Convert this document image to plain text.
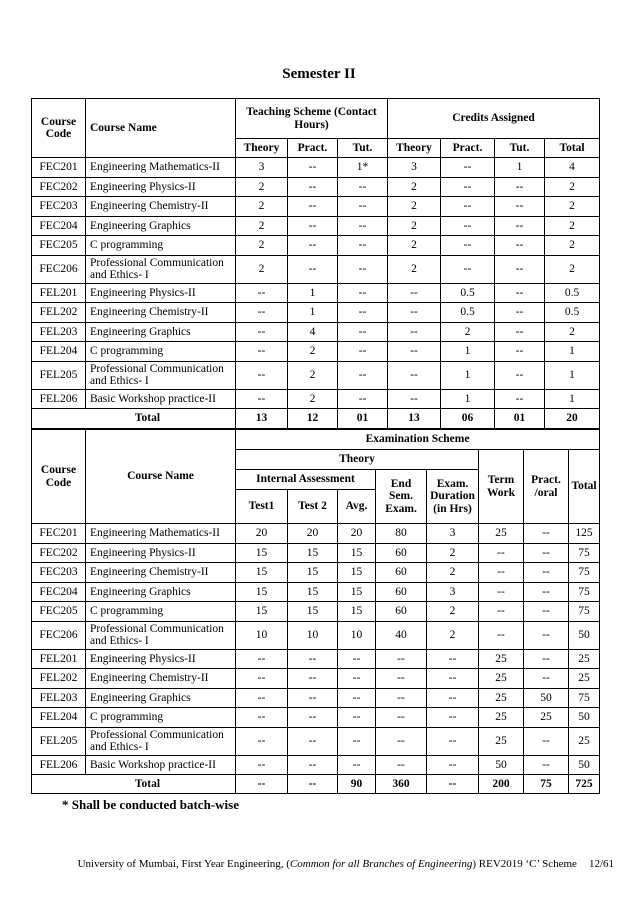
Semester II
Course Code	Course Name	Teaching Scheme (Contact Hours)			Credits Assigned			
		Theory	Pract.	Tut.	Theory	Pract.	Tut.	Total
FEC201	Engineering Mathematics-II	3	--	1*	3	--	1	4
FEC202	Engineering Physics-II	2	--	--	2	--	--	2
FEC203	Engineering Chemistry-II	2	--	--	2	--	--	2
FEC204	Engineering Graphics	2	--	--	2	--	--	2
FEC205	C programming	2	--	--	2	--	--	2
FEC206	Professional Communication and Ethics- I	2	--	--	2	--	--	2
FEL201	Engineering Physics-II	--	1	--	--	0.5	--	0.5
FEL202	Engineering Chemistry-II	--	1	--	--	0.5	--	0.5
FEL203	Engineering Graphics	--	4	--	--	2	--	2
FEL204	C programming	--	2	--	--	1	--	1
FEL205	Professional Communication and Ethics- I	--	2	--	--	1	--	1
FEL206	Basic Workshop practice-II	--	2	--	--	1	--	1
Total		13	12	01	13	06	01	20
Course Code	Course Name	Examination Scheme							
		Theory					Term Work	Pract. /oral	Total
		Internal Assessment			End Sem. Exam.	Exam. Duration (in Hrs)			
		Test1	Test 2	Avg.					
FEC201	Engineering Mathematics-II	20	20	20	80	3	25	--	125
FEC202	Engineering Physics-II	15	15	15	60	2	--	--	75
FEC203	Engineering Chemistry-II	15	15	15	60	2	--	--	75
FEC204	Engineering Graphics	15	15	15	60	3	--	--	75
FEC205	C programming	15	15	15	60	2	--	--	75
FEC206	Professional Communication and Ethics- I	10	10	10	40	2	--	--	50
FEL201	Engineering Physics-II	--	--	--	--	--	25	--	25
FEL202	Engineering Chemistry-II	--	--	--	--	--	25	--	25
FEL203	Engineering Graphics	--	--	--	--	--	25	50	75
FEL204	C programming	--	--	--	--	--	25	25	50
FEL205	Professional Communication and Ethics- I	--	--	--	--	--	25	--	25
FEL206	Basic Workshop practice-II	--	--	--	--	--	50	--	50
Total		--	--	90	360	--	200	75	725
* Shall be conducted batch-wise
University of Mumbai, First Year Engineering, (Common for all Branches of Engineering) REV2019 ‘C’ Scheme 12/61
